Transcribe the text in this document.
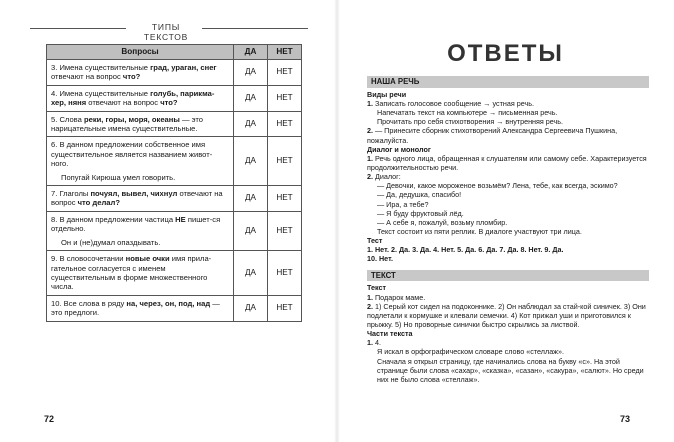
ТИПЫ ТЕКСТОВ
Вопросы	ДА	НЕТ

3. Имена существительные град, ураган, снег отвечают на вопрос что?	ДА	НЕТ

4. Имена существительные голубь, парикма-хер, няня отвечают на вопрос что?	ДА	НЕТ

5. Слова реки, горы, моря, океаны — это нарицательные имена существительные.	ДА	НЕТ

6. В данном предложении собственное имя существительное является названием живот-ного.

Попугай Кирюша умел говорить.	ДА	НЕТ

7. Глаголы почуял, вывел, чихнул отвечают на вопрос что делал?	ДА	НЕТ

8. В данном предложении частица НЕ пишет-ся отдельно.

Он и (не)думал опаздывать.	ДА	НЕТ

9. В словосочетании новые очки имя прила-гательное согласуется с именем существительным в форме множественного числа.	ДА	НЕТ

10. Все слова в ряду на, через, он, под, над — это предлоги.	ДА	НЕТ
72
ОТВЕТЫ
НАША РЕЧЬ

Виды речи

1. Записать голосовое сообщение → устная речь.

Напечатать текст на компьютере → письменная речь.

Прочитать про себя стихотворения → внутренняя речь.

2. — Принесите сборник стихотворений Александра Сергеевича Пушкина, пожалуйста.

Диалог и монолог

1. Речь одного лица, обращенная к слушателям или самому себе. Характеризуется продолжительностью речи.

2. Диалог:

— Девочки, какое мороженое возьмём? Лена, тебе, как всегда, эскимо?

— Да, дедушка, спасибо!

— Ира, а тебе?

— Я буду фруктовый лёд.

— А себе я, пожалуй, возьму пломбир.

Текст состоит из пяти реплик. В диалоге участвуют три лица.

Тест

1. Нет. 2. Да. 3. Да. 4. Нет. 5. Да. 6. Да. 7. Да. 8. Нет. 9. Да.

10. Нет.

ТЕКСТ

Текст

1. Подарок маме.

2. 1) Серый кот сидел на подоконнике. 2) Он наблюдал за стай-кой синичек. 3) Они подлетали к кормушке и клевали семечки. 4) Кот прижал уши и приготовился к прыжку. 5) Но проворные синички быстро скрылись за листвой.

Части текста

1. 4.

Я искал в орфографическом словаре слово «стеллаж».

Сначала я открыл страницу, где начинались слова на букву «с». На этой странице были слова «сахар», «сказка», «сазан», «сакура», «салют». Но среди них не было слова «стеллаж».

73
